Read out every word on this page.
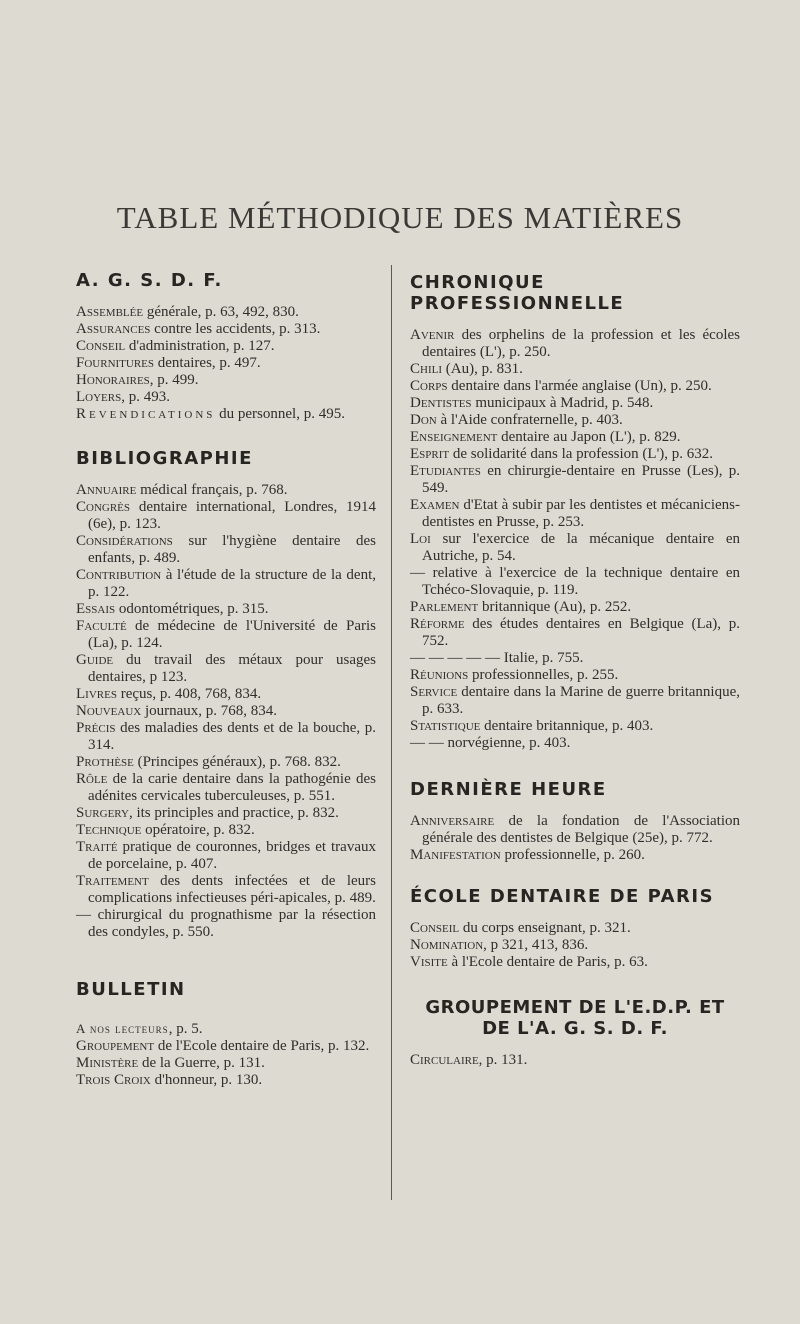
TABLE MÉTHODIQUE DES MATIÈRES
A. G. S. D. F.

Assemblée générale, p. 63, 492, 830.

Assurances contre les accidents, p. 313.

Conseil d'administration, p. 127.

Fournitures dentaires, p. 497.

Honoraires, p. 499.

Loyers, p. 493.

Revendications du personnel, p. 495.

BIBLIOGRAPHIE

Annuaire médical français, p. 768.

Congrès dentaire international, Londres, 1914 (6e), p. 123.

Considérations sur l'hygiène dentaire des enfants, p. 489.

Contribution à l'étude de la structure de la dent, p. 122.

Essais odontométriques, p. 315.

Faculté de médecine de l'Université de Paris (La), p. 124.

Guide du travail des métaux pour usages dentaires, p 123.

Livres reçus, p. 408, 768, 834.

Nouveaux journaux, p. 768, 834.

Précis des maladies des dents et de la bouche, p. 314.

Prothèse (Principes généraux), p. 768. 832.

Rôle de la carie dentaire dans la pathogénie des adénites cervicales tuberculeuses, p. 551.

Surgery, its principles and practice, p. 832.

Technique opératoire, p. 832.

Traité pratique de couronnes, bridges et travaux de porcelaine, p. 407.

Traitement des dents infectées et de leurs complications infectieuses péri-apicales, p. 489.

— chirurgical du prognathisme par la résection des condyles, p. 550.

BULLETIN

A nos lecteurs, p. 5.

Groupement de l'Ecole dentaire de Paris, p. 132.

Ministère de la Guerre, p. 131.

Trois Croix d'honneur, p. 130.

CHRONIQUE PROFESSIONNELLE

Avenir des orphelins de la profession et les écoles dentaires (L'), p. 250.

Chili (Au), p. 831.

Corps dentaire dans l'armée anglaise (Un), p. 250.

Dentistes municipaux à Madrid, p. 548.

Don à l'Aide confraternelle, p. 403.

Enseignement dentaire au Japon (L'), p. 829.

Esprit de solidarité dans la profession (L'), p. 632.

Etudiantes en chirurgie-dentaire en Prusse (Les), p. 549.

Examen d'Etat à subir par les dentistes et mécaniciens-dentistes en Prusse, p. 253.

Loi sur l'exercice de la mécanique dentaire en Autriche, p. 54.

— relative à l'exercice de la technique dentaire en Tchéco-Slovaquie, p. 119.

Parlement britannique (Au), p. 252.

Réforme des études dentaires en Belgique (La), p. 752.

— — — — — Italie, p. 755.

Réunions professionnelles, p. 255.

Service dentaire dans la Marine de guerre britannique, p. 633.

Statistique dentaire britannique, p. 403.

— — norvégienne, p. 403.

DERNIÈRE HEURE

Anniversaire de la fondation de l'Association générale des dentistes de Belgique (25e), p. 772.

Manifestation professionnelle, p. 260.

ÉCOLE DENTAIRE DE PARIS

Conseil du corps enseignant, p. 321.

Nomination, p 321, 413, 836.

Visite à l'Ecole dentaire de Paris, p. 63.

GROUPEMENT DE L'E.D.P. ET DE L'A. G. S. D. F.

Circulaire, p. 131.
